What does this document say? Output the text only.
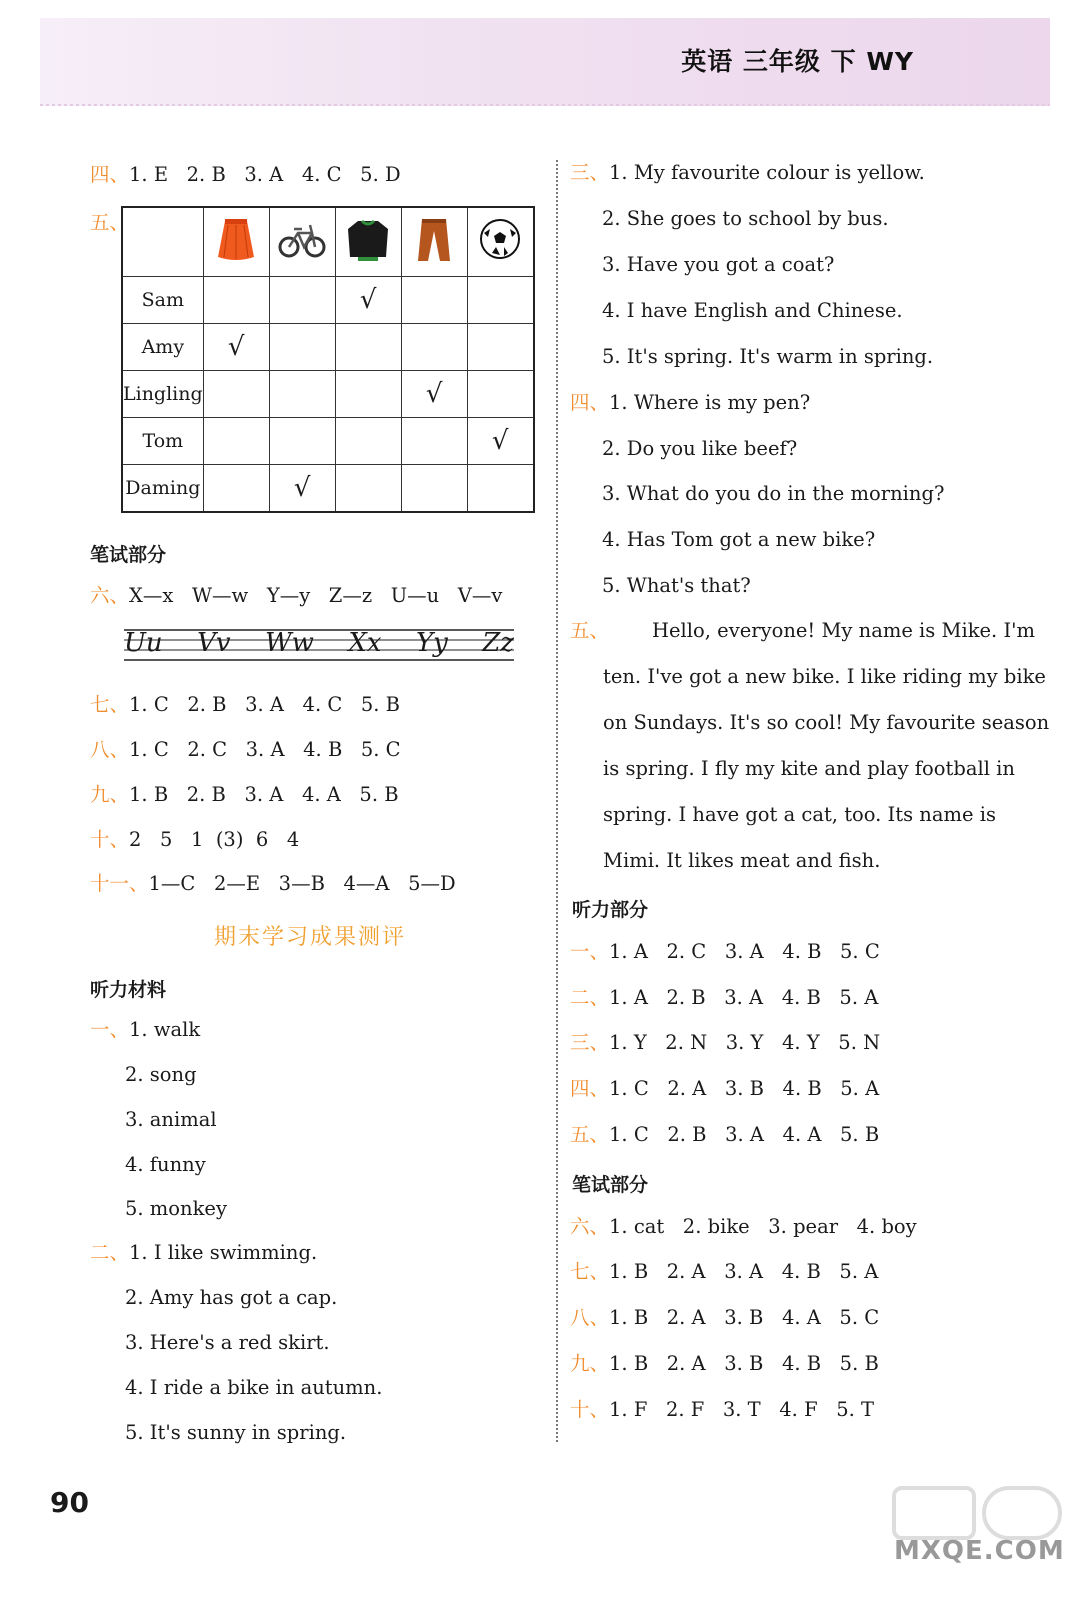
英语 三年级 下 WY
四、1. E   2. B   3. A   4. C   5. D
五、

Sam			√		
Amy	√				
Lingling				√	
Tom					√
Daming		√			
笔试部分
六、X—x   W—w   Y—y   Z—z   U—u   V—v
Uu Vv Ww Xx Yy Zz
七、1. C   2. B   3. A   4. C   5. B
八、1. C   2. C   3. A   4. B   5. C
九、1. B   2. B   3. A   4. A   5. B
十、2   5   1  (3)  6   4
十一、1—C   2—E   3—B   4—A   5—D
期末学习成果测评
听力材料
一、1. walk
2. song
3. animal
4. funny
5. monkey
二、1. I like swimming.
2. Amy has got a cap.
3. Here's a red skirt.
4. I ride a bike in autumn.
5. It's sunny in spring.
三、1. My favourite colour is yellow.
2. She goes to school by bus.
3. Have you got a coat?
4. I have English and Chinese.
5. It's spring. It's warm in spring.
四、1. Where is my pen?
2. Do you like beef?
3. What do you do in the morning?
4. Has Tom got a new bike?
5. What's that?
五、 Hello, everyone! My name is Mike. I'm
ten. I've got a new bike. I like riding my bike
on Sundays. It's so cool! My favourite season
is spring. I fly my kite and play football in
spring. I have got a cat, too. Its name is
Mimi. It likes meat and fish.
听力部分
一、1. A   2. C   3. A   4. B   5. C
二、1. A   2. B   3. A   4. B   5. A
三、1. Y   2. N   3. Y   4. Y   5. N
四、1. C   2. A   3. B   4. B   5. A
五、1. C   2. B   3. A   4. A   5. B
笔试部分
六、1. cat   2. bike   3. pear   4. boy
七、1. B   2. A   3. A   4. B   5. A
八、1. B   2. A   3. B   4. A   5. C
九、1. B   2. A   3. B   4. B   5. B
十、1. F   2. F   3. T   4. F   5. T
90
MXQE.COM
